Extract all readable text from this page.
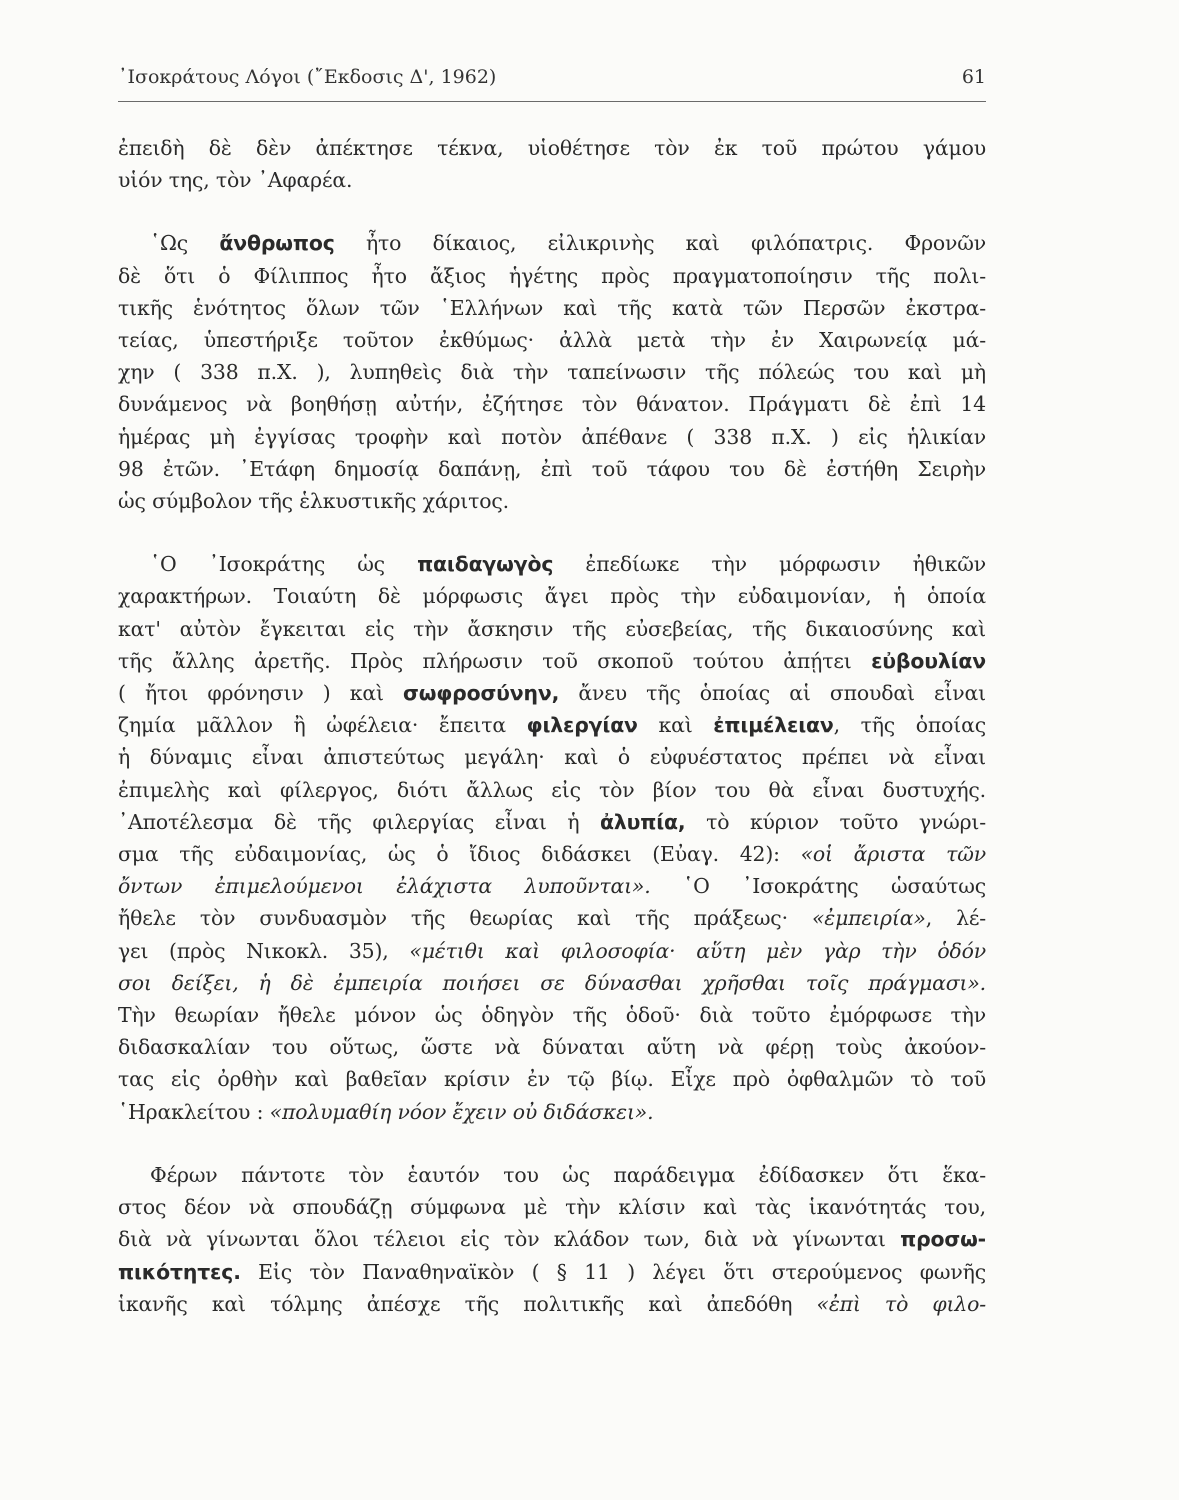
᾿Ισοκράτους Λόγοι (῎Εκδοσις Δ', 1962)	61
ἐπειδὴ δὲ δὲν ἀπέκτησε τέκνα, υἱοθέτησε τὸν ἐκ τοῦ πρώτου γάμου
υἱόν της, τὸν ᾿Αφαρέα.
῾Ως ἄνθρωπος ἦτο δίκαιος, εἰλικρινὴς καὶ φιλόπατρις. Φρονῶν
δὲ ὅτι ὁ Φίλιππος ἦτο ἄξιος ἡγέτης πρὸς πραγματοποίησιν τῆς πολι-
τικῆς ἑνότητος ὅλων τῶν ῾Ελλήνων καὶ τῆς κατὰ τῶν Περσῶν ἐκστρα-
τείας, ὑπεστήριξε τοῦτον ἐκθύμως· ἀλλὰ μετὰ τὴν ἐν Χαιρωνείᾳ μά-
χην ( 338 π.Χ. ), λυπηθεὶς διὰ τὴν ταπείνωσιν τῆς πόλεώς του καὶ μὴ
δυνάμενος νὰ βοηθήσῃ αὐτήν, ἐζήτησε τὸν θάνατον. Πράγματι δὲ ἐπὶ 14
ἡμέρας μὴ ἐγγίσας τροφὴν καὶ ποτὸν ἀπέθανε ( 338 π.Χ. ) εἰς ἡλικίαν
98 ἐτῶν. ᾿Ετάφη δημοσίᾳ δαπάνῃ, ἐπὶ τοῦ τάφου του δὲ ἐστήθη Σειρὴν
ὡς σύμβολον τῆς ἑλκυστικῆς χάριτος.
῾Ο ᾿Ισοκράτης ὡς παιδαγωγὸς ἐπεδίωκε τὴν μόρφωσιν ἠθικῶν
χαρακτήρων. Τοιαύτη δὲ μόρφωσις ἄγει πρὸς τὴν εὐδαιμονίαν, ἡ ὁποία
κατ' αὐτὸν ἔγκειται εἰς τὴν ἄσκησιν τῆς εὐσεβείας, τῆς δικαιοσύνης καὶ
τῆς ἄλλης ἀρετῆς. Πρὸς πλήρωσιν τοῦ σκοποῦ τούτου ἀπῄτει εὐβουλίαν
( ἤτοι φρόνησιν ) καὶ σωφροσύνην, ἄνευ τῆς ὁποίας αἱ σπουδαὶ εἶναι
ζημία μᾶλλον ἢ ὠφέλεια· ἔπειτα φιλεργίαν καὶ ἐπιμέλειαν, τῆς ὁποίας
ἡ δύναμις εἶναι ἀπιστεύτως μεγάλη· καὶ ὁ εὐφυέστατος πρέπει νὰ εἶναι
ἐπιμελὴς καὶ φίλεργος, διότι ἄλλως εἰς τὸν βίον του θὰ εἶναι δυστυχής.
᾿Αποτέλεσμα δὲ τῆς φιλεργίας εἶναι ἡ ἀλυπία, τὸ κύριον τοῦτο γνώρι-
σμα τῆς εὐδαιμονίας, ὡς ὁ ἴδιος διδάσκει (Εὐαγ. 42): «οἱ ἄριστα τῶν
ὄντων ἐπιμελούμενοι ἐλάχιστα λυποῦνται». ῾Ο ᾿Ισοκράτης ὡσαύτως
ἤθελε τὸν συνδυασμὸν τῆς θεωρίας καὶ τῆς πράξεως· «ἐμπειρία», λέ-
γει (πρὸς Νικοκλ. 35), «μέτιθι καὶ φιλοσοφία· αὕτη μὲν γὰρ τὴν ὁδόν
σοι δείξει, ἡ δὲ ἐμπειρία ποιήσει σε δύνασθαι χρῆσθαι τοῖς πράγμασι».
Τὴν θεωρίαν ἤθελε μόνον ὡς ὁδηγὸν τῆς ὁδοῦ· διὰ τοῦτο ἐμόρφωσε τὴν
διδασκαλίαν του οὕτως, ὥστε νὰ δύναται αὕτη νὰ φέρῃ τοὺς ἀκούον-
τας εἰς ὀρθὴν καὶ βαθεῖαν κρίσιν ἐν τῷ βίῳ. Εἶχε πρὸ ὀφθαλμῶν τὸ τοῦ
῾Ηρακλείτου : «πολυμαθίη νόον ἔχειν οὐ διδάσκει».
Φέρων πάντοτε τὸν ἑαυτόν του ὡς παράδειγμα ἐδίδασκεν ὅτι ἕκα-
στος δέον νὰ σπουδάζῃ σύμφωνα μὲ τὴν κλίσιν καὶ τὰς ἱκανότητάς του,
διὰ νὰ γίνωνται ὅλοι τέλειοι εἰς τὸν κλάδον των, διὰ νὰ γίνωνται προσω-
πικότητες. Εἰς τὸν Παναθηναϊκὸν ( § 11 ) λέγει ὅτι στερούμενος φωνῆς
ἱκανῆς καὶ τόλμης ἀπέσχε τῆς πολιτικῆς καὶ ἀπεδόθη «ἐπὶ τὸ φιλο-
